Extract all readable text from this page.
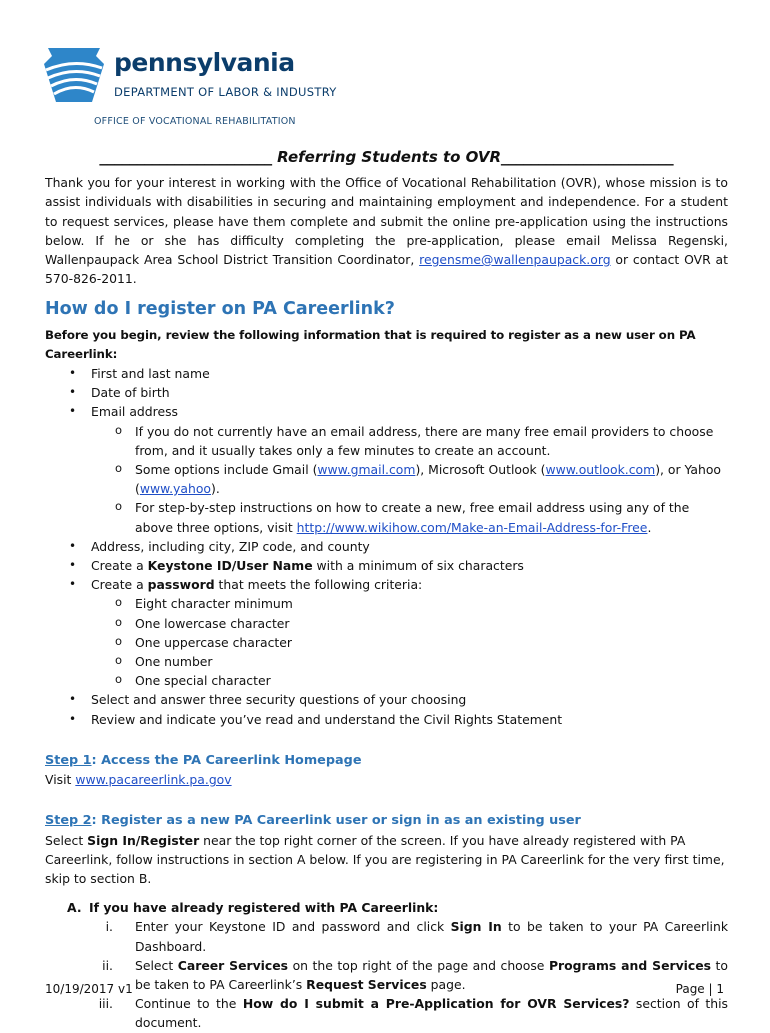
pennsylvania
DEPARTMENT OF LABOR & INDUSTRY
OFFICE OF VOCATIONAL REHABILITATION
_______________________ Referring Students to OVR_______________________

Thank you for your interest in working with the Office of Vocational Rehabilitation (OVR), whose mission is to assist individuals with disabilities in securing and maintaining employment and independence. For a student to request services, please have them complete and submit the online pre-application using the instructions below. If he or she has difficulty completing the pre-application, please email Melissa Regenski, Wallenpaupack Area School District Transition Coordinator, regensme@wallenpaupack.org or contact OVR at 570-826-2011.

How do I register on PA Careerlink?
Before you begin, review the following information that is required to register as a new user on PA Careerlink:
• First and last name
• Date of birth
• Email address
o If you do not currently have an email address, there are many free email providers to choose from, and it usually takes only a few minutes to create an account.
o Some options include Gmail (www.gmail.com), Microsoft Outlook (www.outlook.com), or Yahoo (www.yahoo).
o For step-by-step instructions on how to create a new, free email address using any of the above three options, visit http://www.wikihow.com/Make-an-Email-Address-for-Free.
• Address, including city, ZIP code, and county
• Create a Keystone ID/User Name with a minimum of six characters
• Create a password that meets the following criteria:
o Eight character minimum
o One lowercase character
o One uppercase character
o One number
o One special character
• Select and answer three security questions of your choosing
• Review and indicate you’ve read and understand the Civil Rights Statement
Step 1: Access the PA Careerlink Homepage

Visit www.pacareerlink.pa.gov

Step 2: Register as a new PA Careerlink user or sign in as an existing user

Select Sign In/Register near the top right corner of the screen. If you have already registered with PA Careerlink, follow instructions in section A below. If you are registering in PA Careerlink for the very first time, skip to section B.

A. If you have already registered with PA Careerlink:
i. Enter your Keystone ID and password and click Sign In to be taken to your PA Careerlink Dashboard.
ii. Select Career Services on the top right of the page and choose Programs and Services to be taken to PA Careerlink’s Request Services page.
iii. Continue to the How do I submit a Pre-Application for OVR Services? section of this document.
10/19/2017 v1	Page | 1
